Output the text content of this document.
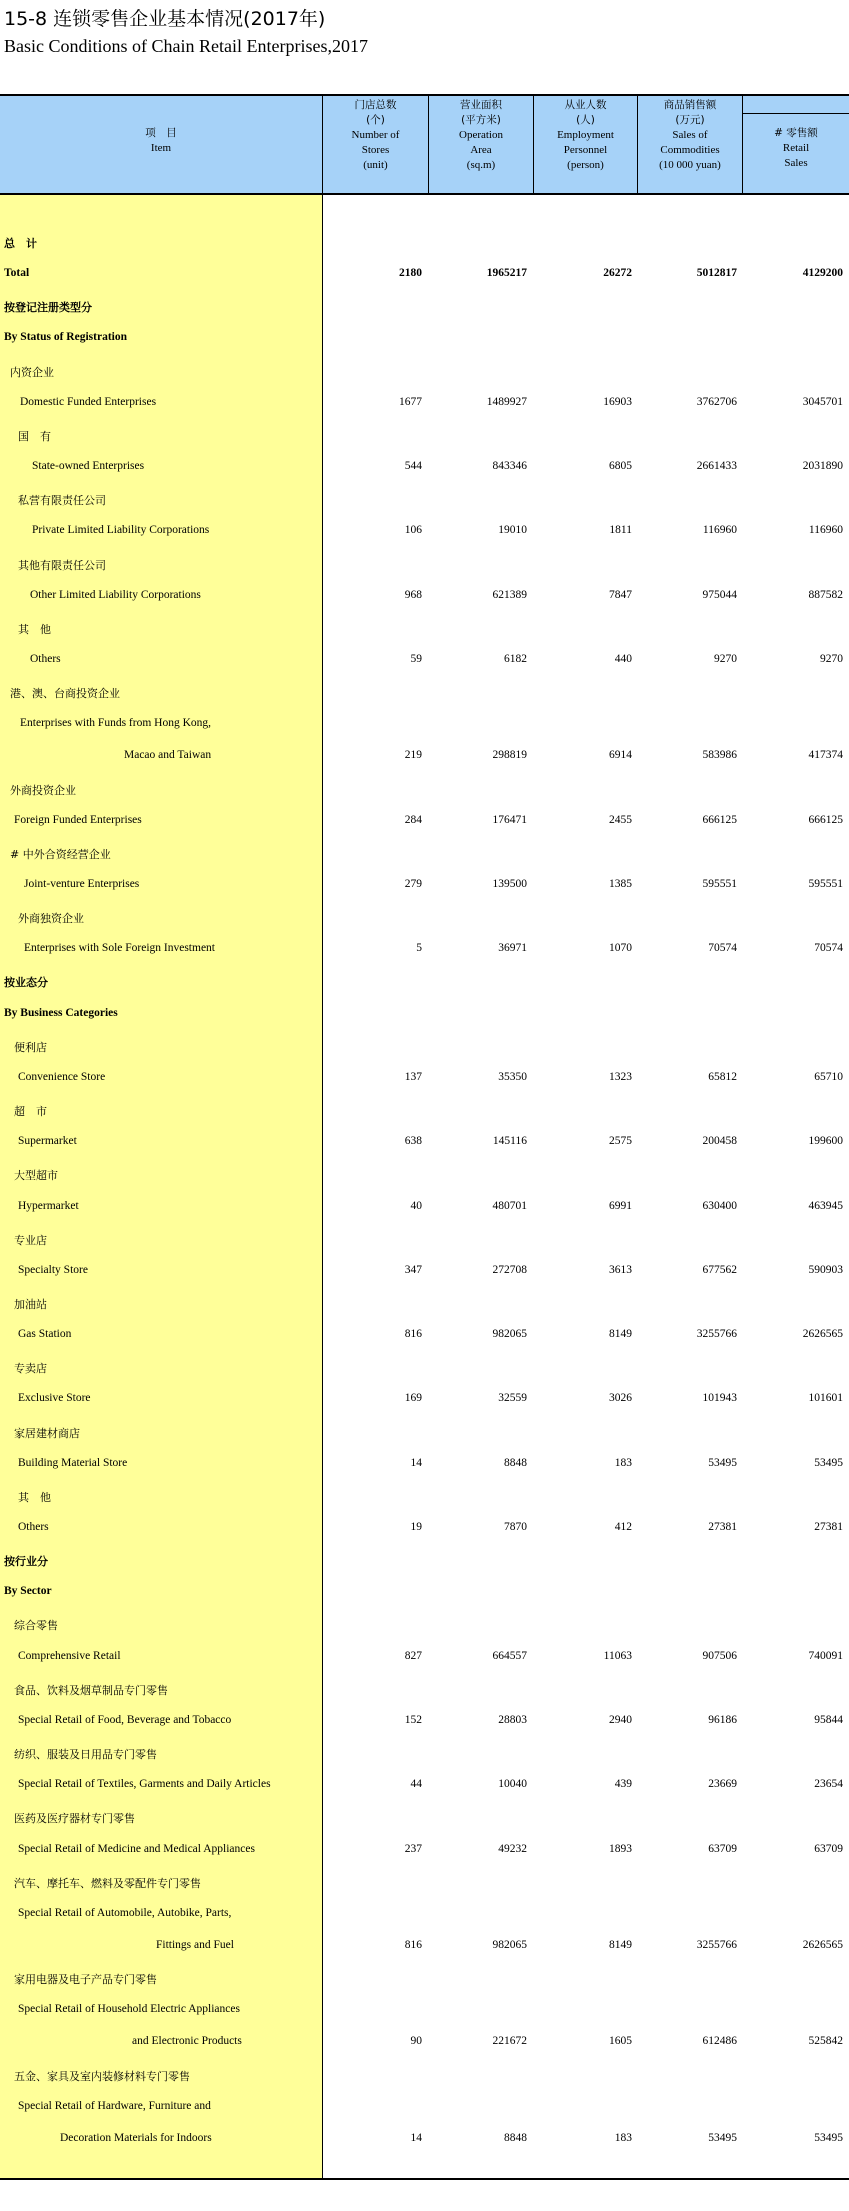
15-8 连锁零售企业基本情况(2017年)
Basic Conditions of Chain Retail Enterprises,2017
项　目
Item
门店总数
(个)
Number of
Stores
(unit)
营业面积
(平方米)
Operation
Area
(sq.m)
从业人数
(人)
Employment
Personnel
(person)
商品销售额
(万元)
Sales of
Commodities
(10 000 yuan)
# 零售额
Retail
Sales
总　计
Total	2180	1965217	26272	5012817	4129200
按登记注册类型分
By Status of Registration
内资企业
Domestic Funded Enterprises	1677	1489927	16903	3762706	3045701
国　有
State-owned Enterprises	544	843346	6805	2661433	2031890
私营有限责任公司
Private Limited Liability Corporations	106	19010	1811	116960	116960
其他有限责任公司
Other Limited Liability Corporations	968	621389	7847	975044	887582
其　他
Others	59	6182	440	9270	9270
港、澳、台商投资企业
Enterprises with Funds from Hong Kong,
Macao and Taiwan	219	298819	6914	583986	417374
外商投资企业
Foreign Funded Enterprises	284	176471	2455	666125	666125
# 中外合资经营企业
Joint-venture Enterprises	279	139500	1385	595551	595551
外商独资企业
Enterprises with Sole Foreign Investment	5	36971	1070	70574	70574
按业态分
By Business Categories
便利店
Convenience Store	137	35350	1323	65812	65710
超　市
Supermarket	638	145116	2575	200458	199600
大型超市
Hypermarket	40	480701	6991	630400	463945
专业店
Specialty Store	347	272708	3613	677562	590903
加油站
Gas Station	816	982065	8149	3255766	2626565
专卖店
Exclusive Store	169	32559	3026	101943	101601
家居建材商店
Building Material Store	14	8848	183	53495	53495
其　他
Others	19	7870	412	27381	27381
按行业分
By Sector
综合零售
Comprehensive Retail	827	664557	11063	907506	740091
食品、饮料及烟草制品专门零售
Special Retail of Food, Beverage and Tobacco	152	28803	2940	96186	95844
纺织、服装及日用品专门零售
Special Retail of Textiles, Garments and Daily Articles	44	10040	439	23669	23654
医药及医疗器材专门零售
Special Retail of Medicine and Medical Appliances	237	49232	1893	63709	63709
汽车、摩托车、燃料及零配件专门零售
Special Retail of Automobile, Autobike, Parts,
Fittings and Fuel	816	982065	8149	3255766	2626565
家用电器及电子产品专门零售
Special Retail of Household Electric Appliances
and Electronic Products	90	221672	1605	612486	525842
五金、家具及室内装修材料专门零售
Special Retail of Hardware, Furniture and
Decoration Materials for Indoors	14	8848	183	53495	53495
